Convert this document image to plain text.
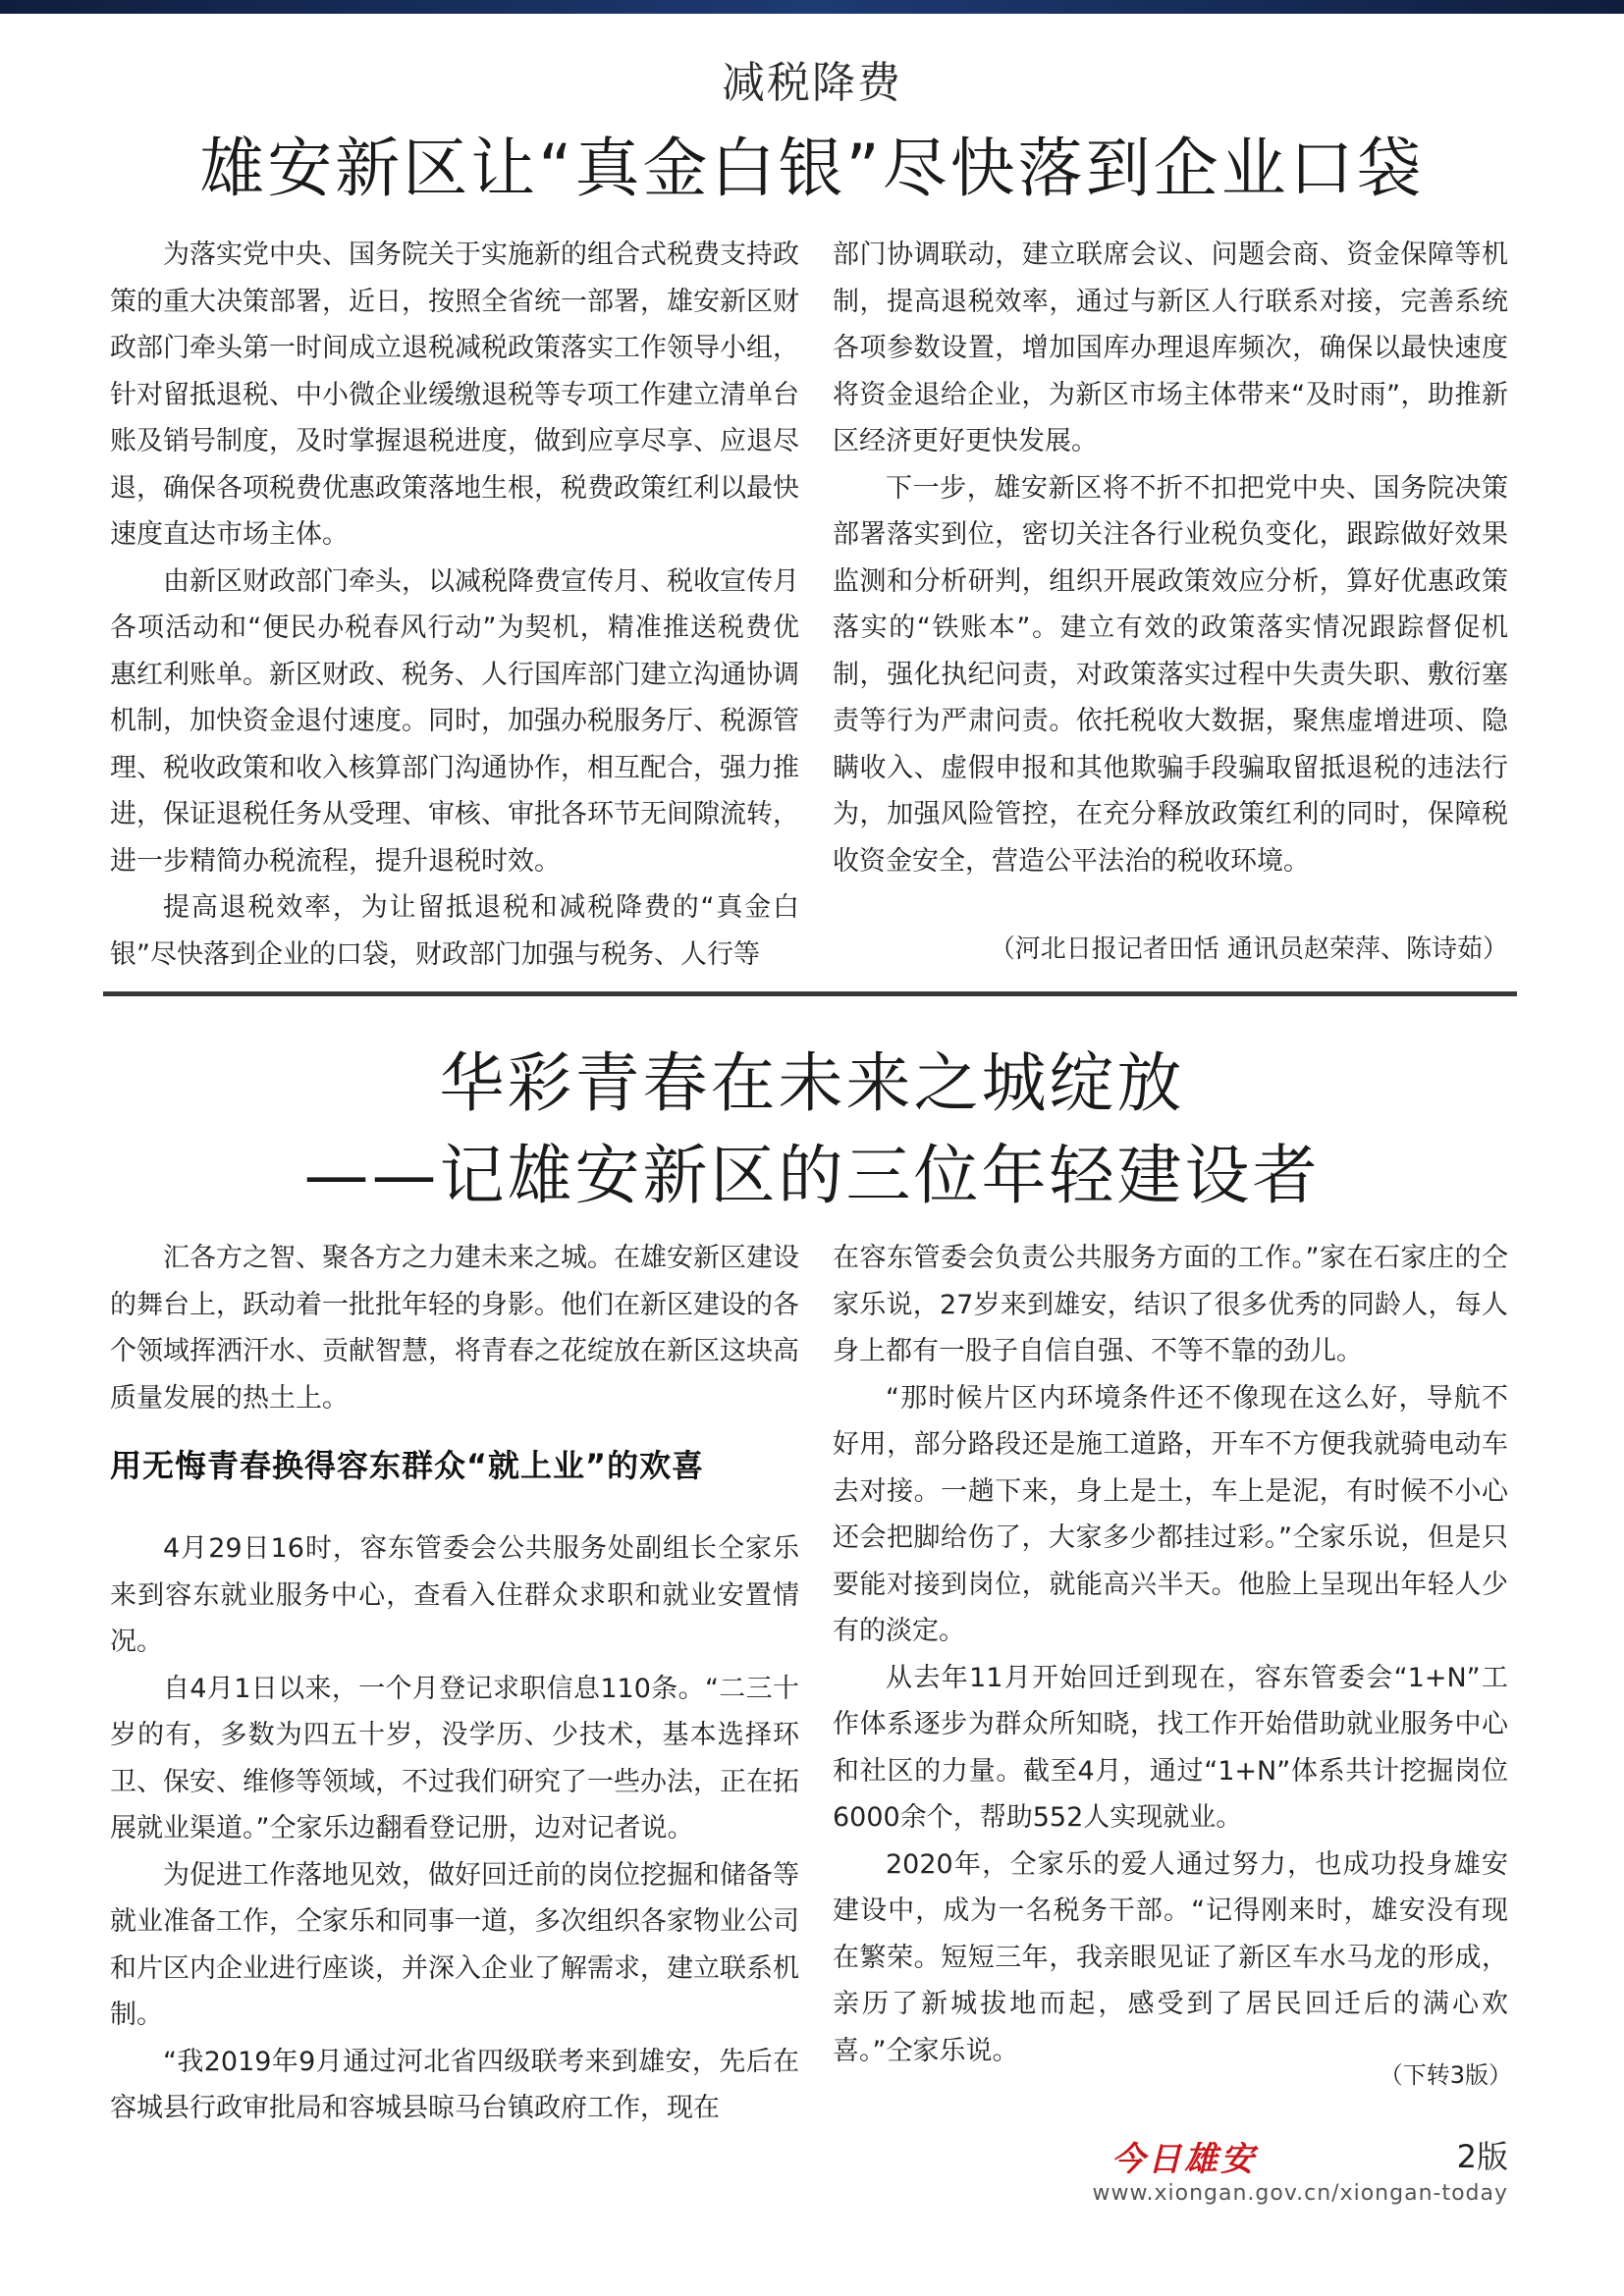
减税降费
雄安新区让“真金白银”尽快落到企业口袋

为落实党中央、国务院关于实施新的组合式税费支持政策的重大决策部署，近日，按照全省统一部署，雄安新区财政部门牵头第一时间成立退税减税政策落实工作领导小组，针对留抵退税、中小微企业缓缴退税等专项工作建立清单台账及销号制度，及时掌握退税进度，做到应享尽享、应退尽退，确保各项税费优惠政策落地生根，税费政策红利以最快速度直达市场主体。

由新区财政部门牵头，以减税降费宣传月、税收宣传月各项活动和“便民办税春风行动”为契机，精准推送税费优惠红利账单。新区财政、税务、人行国库部门建立沟通协调机制，加快资金退付速度。同时，加强办税服务厅、税源管理、税收政策和收入核算部门沟通协作，相互配合，强力推进，保证退税任务从受理、审核、审批各环节无间隙流转，进一步精简办税流程，提升退税时效。

提高退税效率，为让留抵退税和减税降费的“真金白银”尽快落到企业的口袋，财政部门加强与税务、人行等

部门协调联动，建立联席会议、问题会商、资金保障等机制，提高退税效率，通过与新区人行联系对接，完善系统各项参数设置，增加国库办理退库频次，确保以最快速度将资金退给企业，为新区市场主体带来“及时雨”，助推新区经济更好更快发展。

下一步，雄安新区将不折不扣把党中央、国务院决策部署落实到位，密切关注各行业税负变化，跟踪做好效果监测和分析研判，组织开展政策效应分析，算好优惠政策落实的“铁账本”。建立有效的政策落实情况跟踪督促机制，强化执纪问责，对政策落实过程中失责失职、敷衍塞责等行为严肃问责。依托税收大数据，聚焦虚增进项、隐瞒收入、虚假申报和其他欺骗手段骗取留抵退税的违法行为，加强风险管控，在充分释放政策红利的同时，保障税收资金安全，营造公平法治的税收环境。

（河北日报记者田恬 通讯员赵荣萍、陈诗茹）
华彩青春在未来之城绽放
——记雄安新区的三位年轻建设者

汇各方之智、聚各方之力建未来之城。在雄安新区建设的舞台上，跃动着一批批年轻的身影。他们在新区建设的各个领域挥洒汗水、贡献智慧，将青春之花绽放在新区这块高质量发展的热土上。

用无悔青春换得容东群众“就上业”的欢喜

4月29日16时，容东管委会公共服务处副组长仝家乐来到容东就业服务中心，查看入住群众求职和就业安置情况。

自4月1日以来，一个月登记求职信息110条。“二三十岁的有，多数为四五十岁，没学历、少技术，基本选择环卫、保安、维修等领域，不过我们研究了一些办法，正在拓展就业渠道。”仝家乐边翻看登记册，边对记者说。

为促进工作落地见效，做好回迁前的岗位挖掘和储备等就业准备工作，仝家乐和同事一道，多次组织各家物业公司和片区内企业进行座谈，并深入企业了解需求，建立联系机制。

“我2019年9月通过河北省四级联考来到雄安，先后在容城县行政审批局和容城县晾马台镇政府工作，现在

在容东管委会负责公共服务方面的工作。”家在石家庄的仝家乐说，27岁来到雄安，结识了很多优秀的同龄人，每人身上都有一股子自信自强、不等不靠的劲儿。

“那时候片区内环境条件还不像现在这么好，导航不好用，部分路段还是施工道路，开车不方便我就骑电动车去对接。一趟下来，身上是土，车上是泥，有时候不小心还会把脚给伤了，大家多少都挂过彩。”仝家乐说，但是只要能对接到岗位，就能高兴半天。他脸上呈现出年轻人少有的淡定。

从去年11月开始回迁到现在，容东管委会“1+N”工作体系逐步为群众所知晓，找工作开始借助就业服务中心和社区的力量。截至4月，通过“1+N”体系共计挖掘岗位6000余个，帮助552人实现就业。

2020年，仝家乐的爱人通过努力，也成功投身雄安建设中，成为一名税务干部。“记得刚来时，雄安没有现在繁荣。短短三年，我亲眼见证了新区车水马龙的形成，亲历了新城拔地而起，感受到了居民回迁后的满心欢喜。”仝家乐说。

（下转3版）
今日雄安	2版
www.xiongan.gov.cn/xiongan-today
